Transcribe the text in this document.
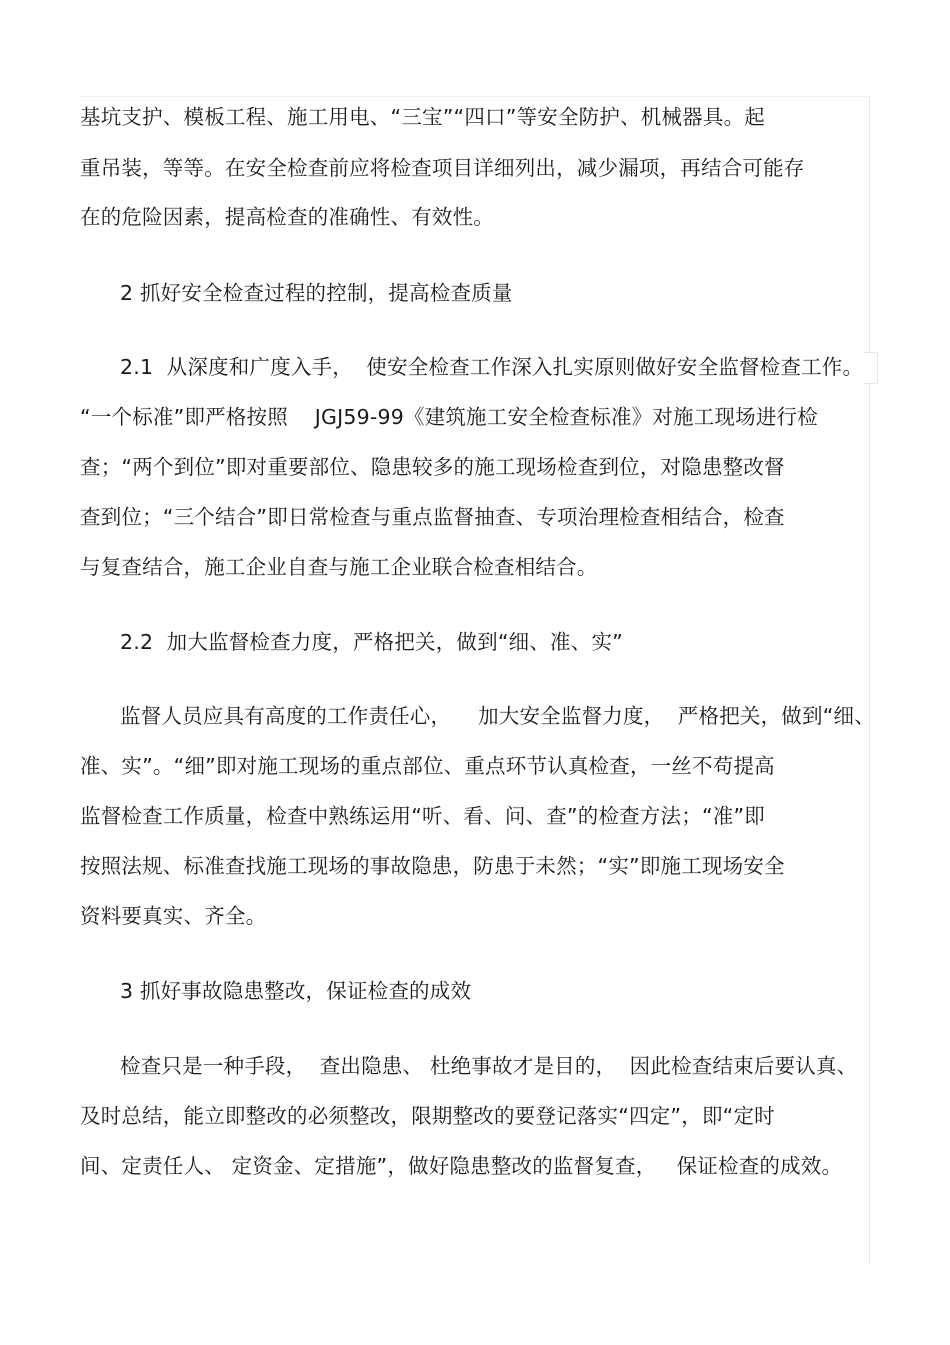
基坑支护、模板工程、施工用电、“三宝”“四口”等安全防护、机械器具。起
重吊装，等等。在安全检查前应将检查项目详细列出，减少漏项，再结合可能存
在的危险因素，提高检查的准确性、有效性。
2 抓好安全检查过程的控制，提高检查质量
2.1  从深度和广度入手，  使安全检查工作深入扎实原则做好安全监督检查工作。
“一个标准”即严格按照    JGJ59-99《建筑施工安全检查标准》对施工现场进行检
查；“两个到位”即对重要部位、隐患较多的施工现场检查到位，对隐患整改督
查到位；“三个结合”即日常检查与重点监督抽查、专项治理检查相结合，检查
与复查结合，施工企业自查与施工企业联合检查相结合。
2.2  加大监督检查力度，严格把关，做到“细、准、实”
监督人员应具有高度的工作责任心，    加大安全监督力度，  严格把关，做到“细、
准、实”。“细”即对施工现场的重点部位、重点环节认真检查，一丝不苟提高
监督检查工作质量，检查中熟练运用“听、看、问、查”的检查方法；“准”即
按照法规、标准查找施工现场的事故隐患，防患于未然；“实”即施工现场安全
资料要真实、齐全。
3 抓好事故隐患整改，保证检查的成效
检查只是一种手段，  查出隐患、 杜绝事故才是目的，  因此检查结束后要认真、
及时总结，能立即整改的必须整改，限期整改的要登记落实“四定”，即“定时
间、定责任人、 定资金、定措施”，做好隐患整改的监督复查，   保证检查的成效。
